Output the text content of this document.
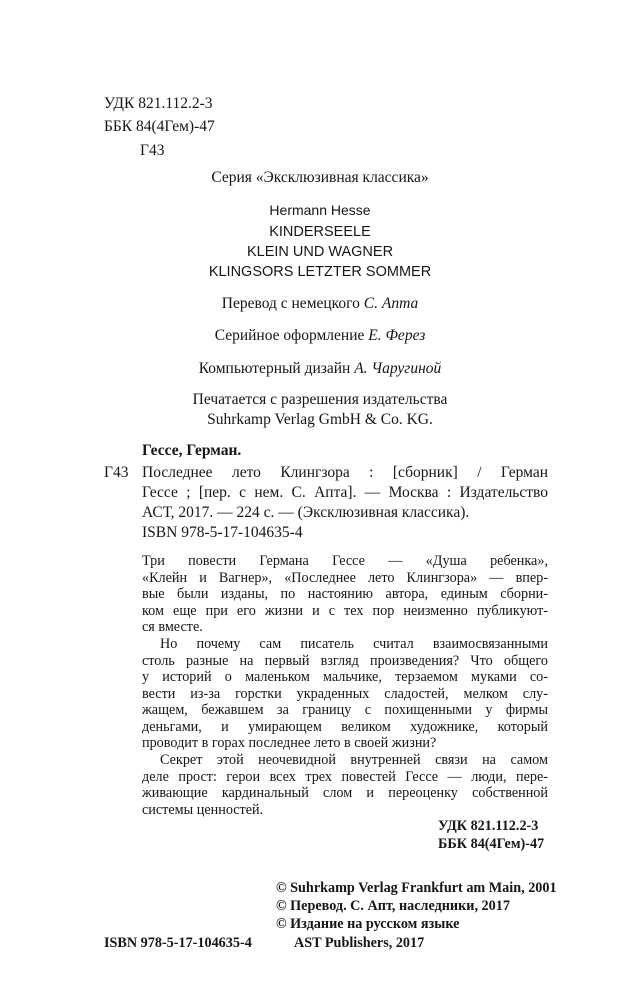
УДК 821.112.2-3
ББК 84(4Гем)-47
Г43
Серия «Эксклюзивная классика»
Hermann Hesse
KINDERSEELE
KLEIN UND WAGNER
KLINGSORS LETZTER SOMMER
Перевод с немецкого С. Апта
Серийное оформление Е. Ферез
Компьютерный дизайн А. Чаругиной
Печатается с разрешения издательства
Suhrkamp Verlag GmbH & Co. KG.
Гессе, Герман.
Г43 Последнее лето Клингзора : [сборник] / Герман
Гессе ; [пер. с нем. С. Апта]. — Москва : Издательство
АСТ, 2017. — 224 с. — (Эксклюзивная классика).
ISBN 978-5-17-104635-4
Три повести Германа Гессе — «Душа ребенка»,
«Клейн и Вагнер», «Последнее лето Клингзора» — впер-
вые были изданы, по настоянию автора, единым сборни-
ком еще при его жизни и с тех пор неизменно публикуют-
ся вместе.
Но почему сам писатель считал взаимосвязанными
столь разные на первый взгляд произведения? Что общего
у историй о маленьком мальчике, терзаемом муками со-
вести из-за горстки украденных сладостей, мелком слу-
жащем, бежавшем за границу с похищенными у фирмы
деньгами, и умирающем великом художнике, который
проводит в горах последнее лето в своей жизни?
Секрет этой неочевидной внутренней связи на самом
деле прост: герои всех трех повестей Гессе — люди, пере-
живающие кардинальный слом и переоценку собственной
системы ценностей.
УДК 821.112.2-3
ББК 84(4Гем)-47
© Suhrkamp Verlag Frankfurt am Main, 2001
© Перевод. С. Апт, наследники, 2017
© Издание на русском языке
ISBN 978-5-17-104635-4	AST Publishers, 2017
